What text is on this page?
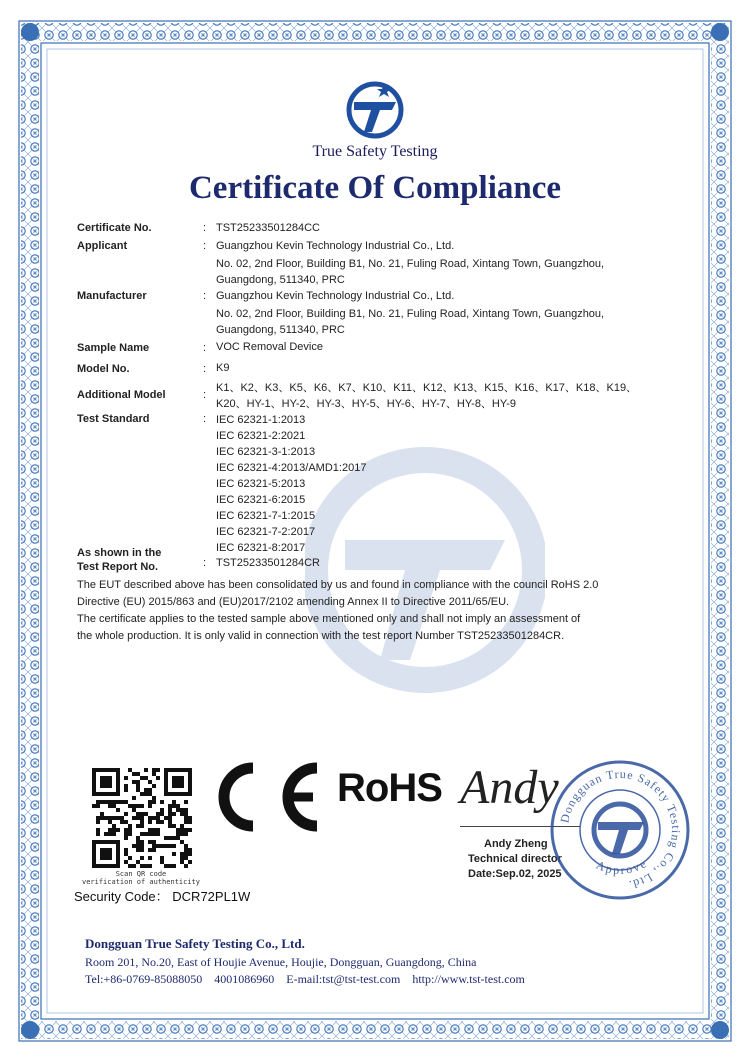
True Safety Testing
Certificate Of Compliance
Certificate No.	: TST25233501284CC
Applicant	: Guangzhou Kevin Technology Industrial Co., Ltd.
No. 02, 2nd Floor, Building B1, No. 21, Fuling Road, Xintang Town, Guangzhou,
Guangdong, 511340, PRC
Manufacturer	: Guangzhou Kevin Technology Industrial Co., Ltd.
No. 02, 2nd Floor, Building B1, No. 21, Fuling Road, Xintang Town, Guangzhou,
Guangdong, 511340, PRC
Sample Name	: VOC Removal Device
Model No.	: K9
Additional Model	:
K1、K2、K3、K5、K6、K7、K10、K11、K12、K13、K15、K16、K17、K18、K19、
K20、HY-1、HY-2、HY-3、HY-5、HY-6、HY-7、HY-8、HY-9
Test Standard	: IEC 62321-1:2013
IEC 62321-2:2021
IEC 62321-3-1:2013
IEC 62321-4:2013/AMD1:2017
IEC 62321-5:2013
IEC 62321-6:2015
IEC 62321-7-1:2015
IEC 62321-7-2:2017
IEC 62321-8:2017
As shown in the
Test Report No.	: TST25233501284CR
The EUT described above has been consolidated by us and found in compliance with the council RoHS 2.0
Directive (EU) 2015/863 and (EU)2017/2102 amending Annex II to Directive 2011/65/EU.
The certificate applies to the tested sample above mentioned only and shall not imply an assessment of
the whole production. It is only valid in connection with the test report Number TST25233501284CR.
Scan QR code
verification of authenticity
Security Code： DCR72PL1W
RoHS Andy
Andy Zheng
Technical director
Date:Sep.02, 2025
Dongguan True Safety Testing Co., Ltd.
Approve
Dongguan True Safety Testing Co., Ltd.
Room 201, No.20, East of Houjie Avenue, Houjie, Dongguan, Guangdong, China
Tel:+86-0769-85088050 4001086960 E-mail:tst@tst-test.com http://www.tst-test.com
